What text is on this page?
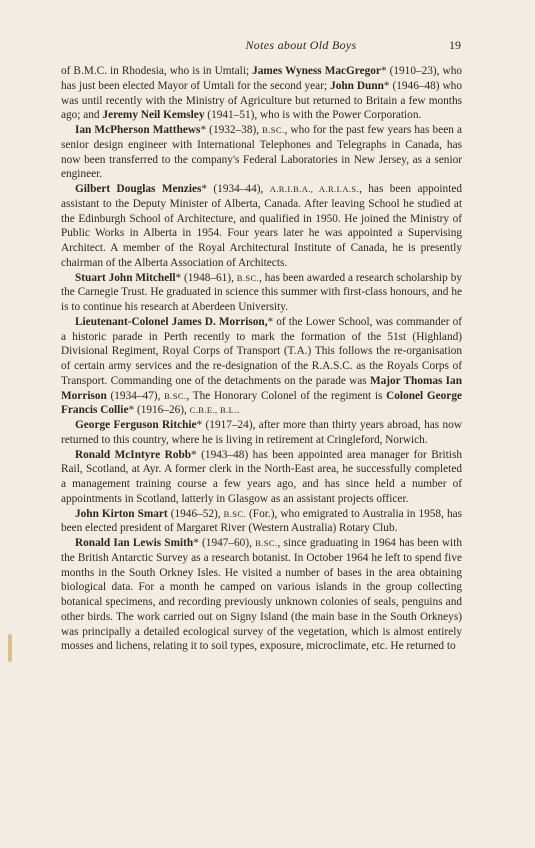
Notes about Old Boys	19

of B.M.C. in Rhodesia, who is in Umtali; James Wyness MacGregor* (1910–23), who has just been elected Mayor of Umtali for the second year; John Dunn* (1946–48) who was until recently with the Ministry of Agriculture but returned to Britain a few months ago; and Jeremy Neil Kemsley (1941–51), who is with the Power Corporation.

Ian McPherson Matthews* (1932–38), B.SC., who for the past few years has been a senior design engineer with International Telephones and Telegraphs in Canada, has now been transferred to the company's Federal Laboratories in New Jersey, as a senior engineer.

Gilbert Douglas Menzies* (1934–44), A.R.I.B.A., A.R.I.A.S., has been appointed assistant to the Deputy Minister of Alberta, Canada. After leaving School he studied at the Edinburgh School of Architecture, and qualified in 1950. He joined the Ministry of Public Works in Alberta in 1954. Four years later he was appointed a Supervising Architect. A member of the Royal Architectural Institute of Canada, he is presently chairman of the Alberta Association of Architects.

Stuart John Mitchell* (1948–61), B.SC., has been awarded a research scholarship by the Carnegie Trust. He graduated in science this summer with first-class honours, and he is to continue his research at Aberdeen University.

Lieutenant-Colonel James D. Morrison,* of the Lower School, was commander of a historic parade in Perth recently to mark the formation of the 51st (Highland) Divisional Regiment, Royal Corps of Transport (T.A.) This follows the re-organisation of certain army services and the re-designation of the R.A.S.C. as the Royals Corps of Transport. Commanding one of the detachments on the parade was Major Thomas Ian Morrison (1934–47), B.SC., The Honorary Colonel of the regiment is Colonel George Francis Collie* (1916–26), C.B.E., B.L..

George Ferguson Ritchie* (1917–24), after more than thirty years abroad, has now returned to this country, where he is living in retirement at Cringleford, Norwich.

Ronald McIntyre Robb* (1943–48) has been appointed area manager for British Rail, Scotland, at Ayr. A former clerk in the North-East area, he successfully completed a management training course a few years ago, and has since held a number of appointments in Scotland, latterly in Glasgow as an assistant projects officer.

John Kirton Smart (1946–52), B.SC. (For.), who emigrated to Australia in 1958, has been elected president of Margaret River (Western Australia) Rotary Club.

Ronald Ian Lewis Smith* (1947–60), B.SC., since graduating in 1964 has been with the British Antarctic Survey as a research botanist. In October 1964 he left to spend five months in the South Orkney Isles. He visited a number of bases in the area obtaining biological data. For a month he camped on various islands in the group collecting botanical specimens, and recording previously unknown colonies of seals, penguins and other birds. The work carried out on Signy Island (the main base in the South Orkneys) was principally a detailed ecological survey of the vegetation, which is almost entirely mosses and lichens, relating it to soil types, exposure, microclimate, etc. He returned to
